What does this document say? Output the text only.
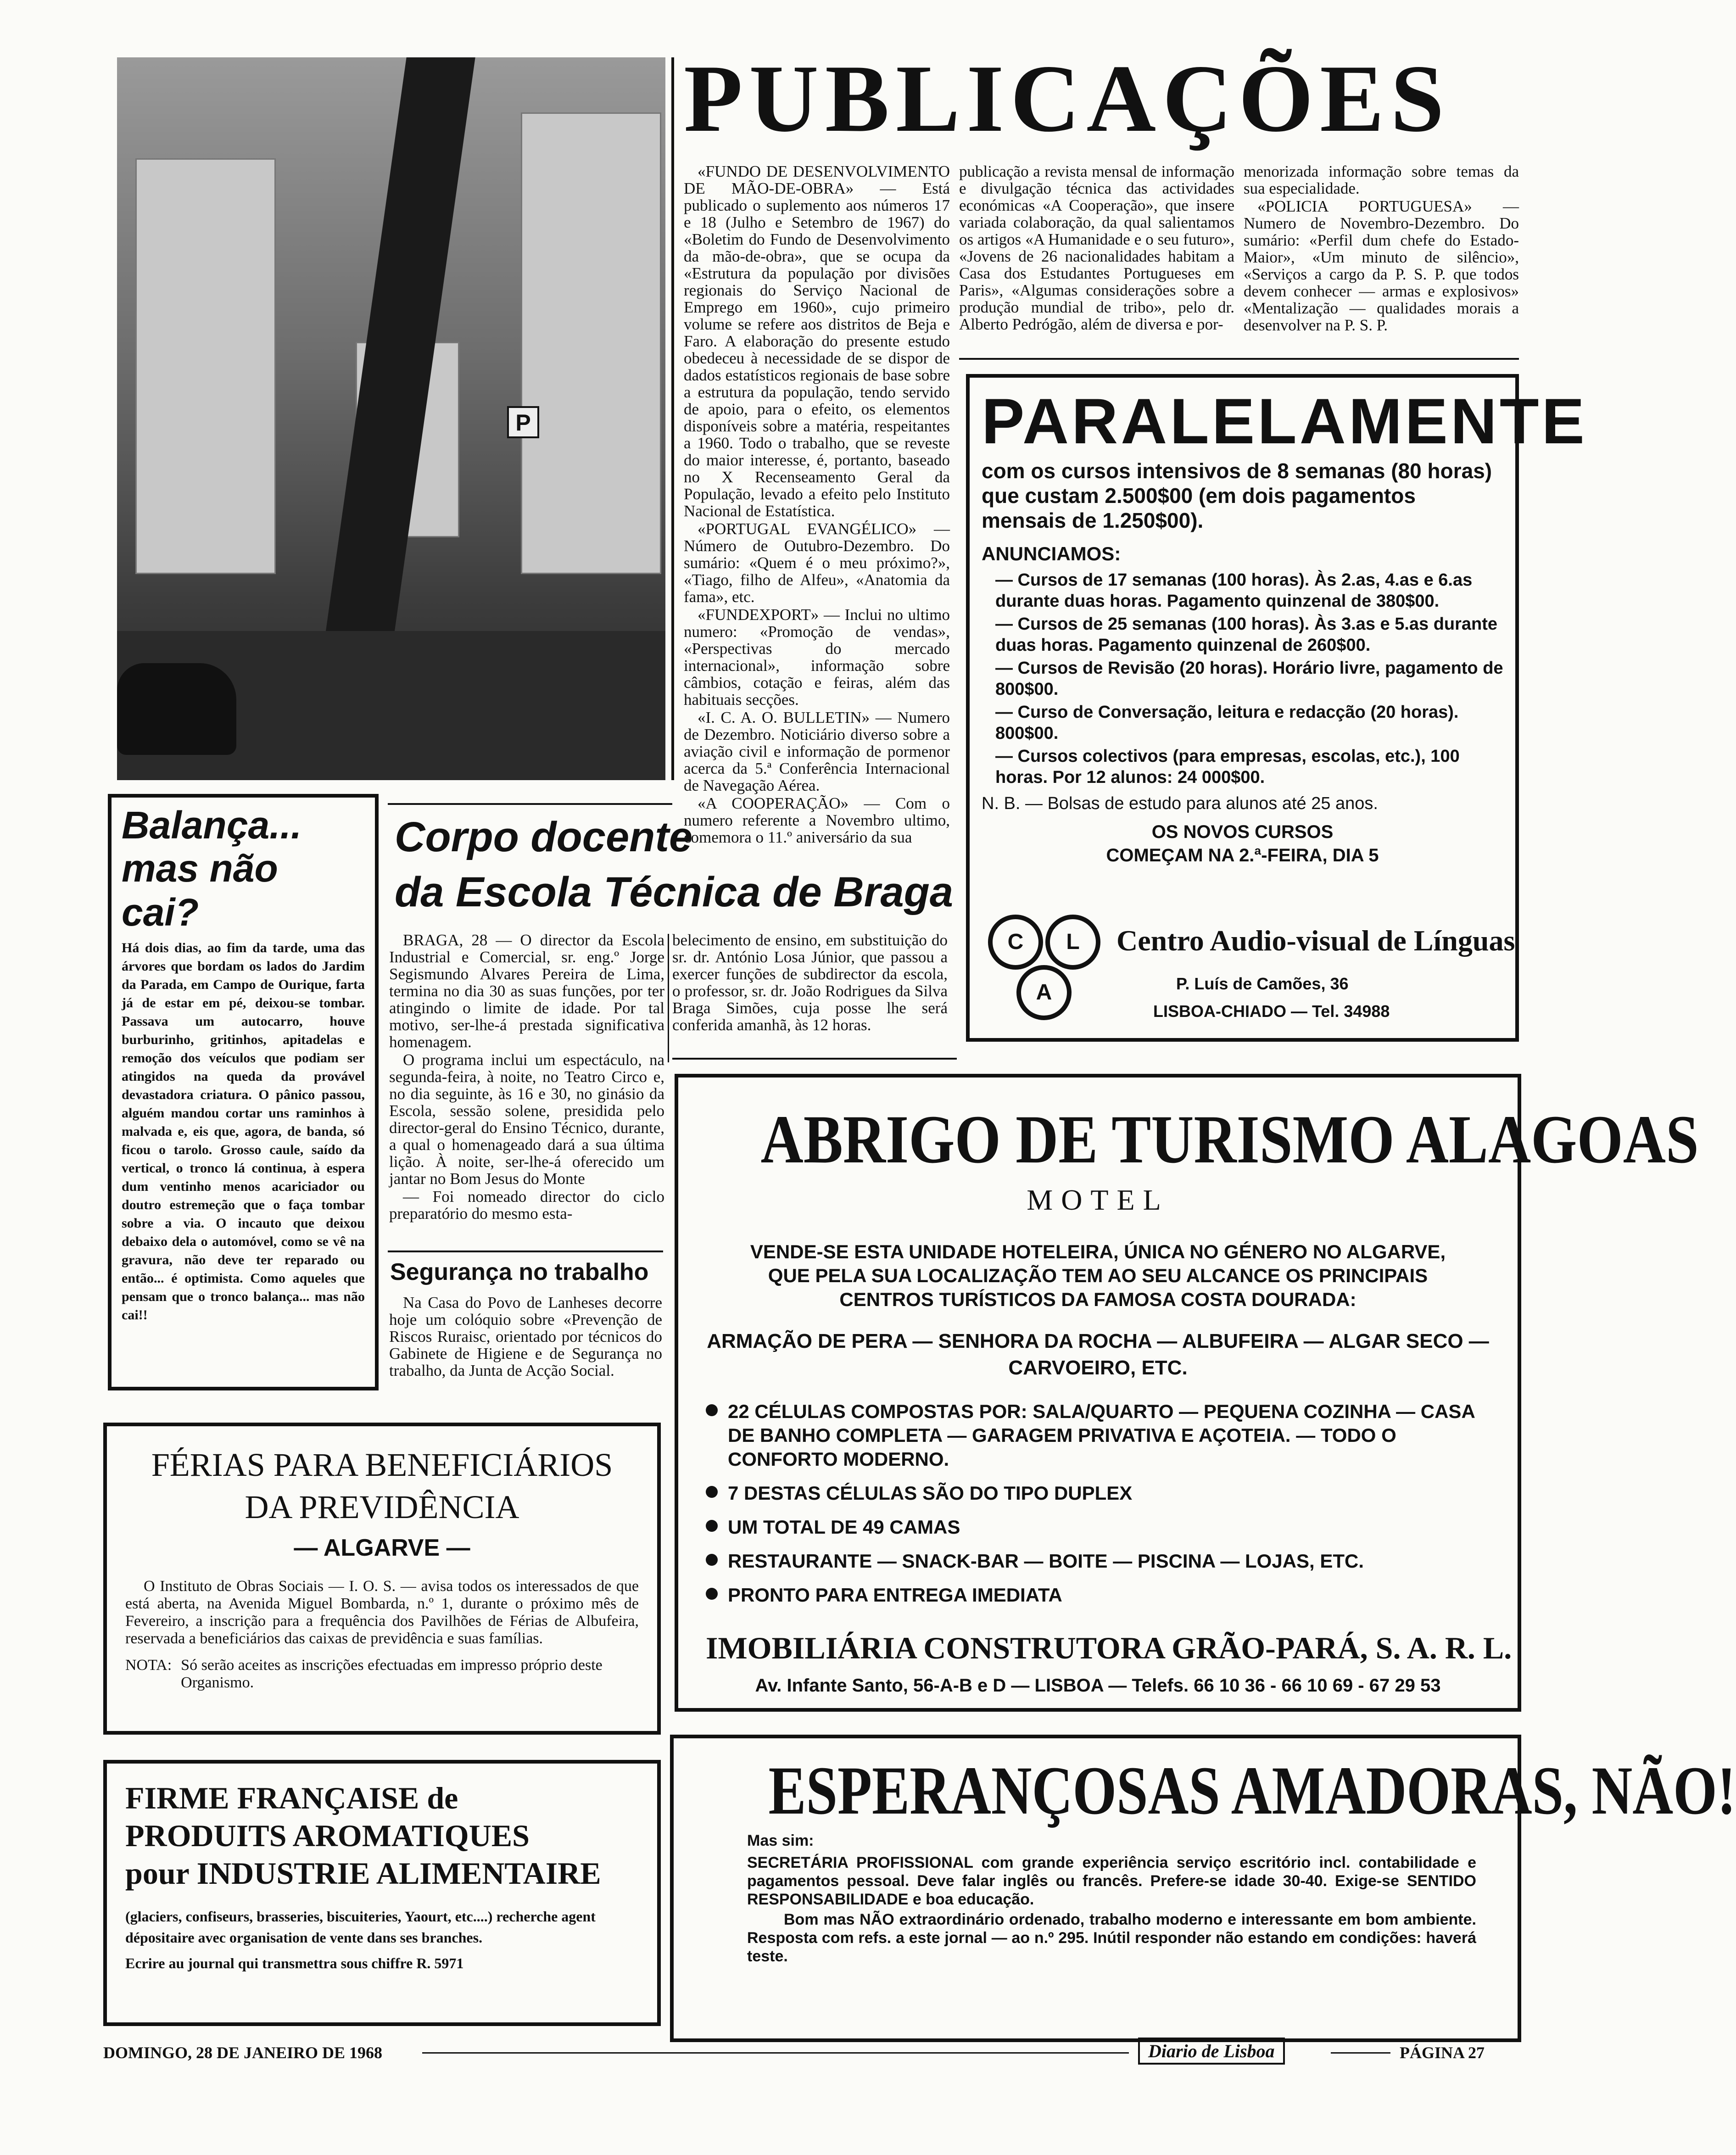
P
PUBLICAÇÕES

«FUNDO DE DESENVOLVIMENTO DE MÃO-DE-OBRA» — Está publicado o suplemento aos números 17 e 18 (Julho e Setembro de 1967) do «Boletim do Fundo de Desenvolvimento da mão-de-obra», que se ocupa da «Estrutura da população por divisões regionais do Serviço Nacional de Emprego em 1960», cujo primeiro volume se refere aos distritos de Beja e Faro. A elaboração do presente estudo obedeceu à necessidade de se dispor de dados estatísticos regionais de base sobre a estrutura da população, tendo servido de apoio, para o efeito, os elementos disponíveis sobre a matéria, respeitantes a 1960. Todo o trabalho, que se reveste do maior interesse, é, portanto, baseado no X Recenseamento Geral da População, levado a efeito pelo Instituto Nacional de Estatística.

«PORTUGAL EVANGÉLICO» — Número de Outubro-Dezembro. Do sumário: «Quem é o meu próximo?», «Tiago, filho de Alfeu», «Anatomia da fama», etc.

«FUNDEXPORT» — Inclui no ultimo numero: «Promoção de vendas», «Perspectivas do mercado internacional», informação sobre câmbios, cotação e feiras, além das habituais secções.

«I. C. A. O. BULLETIN» — Numero de Dezembro. Noticiário diverso sobre a aviação civil e informação de pormenor acerca da 5.ª Conferência Internacional de Navegação Aérea.

«A COOPERAÇÃO» — Com o numero referente a Novembro ultimo, comemora o 11.º aniversário da sua

publicação a revista mensal de informação e divulgação técnica das actividades económicas «A Cooperação», que insere variada colaboração, da qual salientamos os artigos «A Humanidade e o seu futuro», «Jovens de 26 nacionalidades habitam a Casa dos Estudantes Portugueses em Paris», «Algumas considerações sobre a produção mundial de tribo», pelo dr. Alberto Pedrógão, além de diversa e por-

menorizada informação sobre temas da sua especialidade.

«POLICIA PORTUGUESA» — Numero de Novembro-Dezembro. Do sumário: «Perfil dum chefe do Estado-Maior», «Um minuto de silêncio», «Serviços a cargo da P. S. P. que todos devem conhecer — armas e explosivos» «Mentalização — qualidades morais a desenvolver na P. S. P.

PARALELAMENTE
com os cursos intensivos de 8 semanas (80 horas) que custam 2.500$00 (em dois pagamentos mensais de 1.250$00).
ANUNCIAMOS:
— Cursos de 17 semanas (100 horas). Às 2.as, 4.as e 6.as durante duas horas. Pagamento quinzenal de 380$00.
— Cursos de 25 semanas (100 horas). Às 3.as e 5.as durante duas horas. Pagamento quinzenal de 260$00.
— Cursos de Revisão (20 horas). Horário livre, pagamento de 800$00.
— Curso de Conversação, leitura e redacção (20 horas). 800$00.
— Cursos colectivos (para empresas, escolas, etc.), 100 horas. Por 12 alunos: 24 000$00.
N. B. — Bolsas de estudo para alunos até 25 anos.
OS NOVOS CURSOS
COMEÇAM NA 2.ª-FEIRA, DIA 5
C	L
A
Centro Audio-visual de Línguas
P. Luís de Camões, 36
LISBOA-CHIADO — Tel. 34988
Balança...
mas não cai?
Há dois dias, ao fim da tarde, uma das árvores que bordam os lados do Jardim da Parada, em Campo de Ourique, farta já de estar em pé, deixou-se tombar. Passava um autocarro, houve burburinho, gritinhos, apitadelas e remoção dos veículos que podiam ser atingidos na queda da provável devastadora criatura. O pânico passou, alguém mandou cortar uns raminhos à malvada e, eis que, agora, de banda, só ficou o tarolo. Grosso caule, saído da vertical, o tronco lá continua, à espera dum ventinho menos acariciador ou doutro estremeção que o faça tombar sobre a via. O incauto que deixou debaixo dela o automóvel, como se vê na gravura, não deve ter reparado ou então... é optimista. Como aqueles que pensam que o tronco balança... mas não cai!!
Corpo docente
da Escola Técnica de Braga

BRAGA, 28 — O director da Escola Industrial e Comercial, sr. eng.º Jorge Segismundo Alvares Pereira de Lima, termina no dia 30 as suas funções, por ter atingindo o limite de idade. Por tal motivo, ser-lhe-á prestada significativa homenagem.

O programa inclui um espectáculo, na segunda-feira, à noite, no Teatro Circo e, no dia seguinte, às 16 e 30, no ginásio da Escola, sessão solene, presidida pelo director-geral do Ensino Técnico, durante, a qual o homenageado dará a sua última lição. À noite, ser-lhe-á oferecido um jantar no Bom Jesus do Monte

— Foi nomeado director do ciclo preparatório do mesmo esta-

belecimento de ensino, em substituição do sr. dr. António Losa Júnior, que passou a exercer funções de subdirector da escola, o professor, sr. dr. João Rodrigues da Silva Braga Simões, cuja posse lhe será conferida amanhã, às 12 horas.

Segurança no trabalho

Na Casa do Povo de Lanheses decorre hoje um colóquio sobre «Prevenção de Riscos Ruraisc, orientado por técnicos do Gabinete de Higiene e de Segurança no trabalho, da Junta de Acção Social.

FÉRIAS PARA BENEFICIÁRIOS
DA PREVIDÊNCIA
— ALGARVE —
O Instituto de Obras Sociais — I. O. S. — avisa todos os interessados de que está aberta, na Avenida Miguel Bombarda, n.º 1, durante o próximo mês de Fevereiro, a inscrição para a frequência dos Pavilhões de Férias de Albufeira, reservada a beneficiários das caixas de previdência e suas famílias.
NOTA: Só serão aceites as inscrições efectuadas em impresso próprio deste Organismo.
ABRIGO DE TURISMO ALAGOAS
MOTEL
VENDE-SE ESTA UNIDADE HOTELEIRA, ÚNICA NO GÉNERO NO ALGARVE, QUE PELA SUA LOCALIZAÇÃO TEM AO SEU ALCANCE OS PRINCIPAIS CENTROS TURÍSTICOS DA FAMOSA COSTA DOURADA:
ARMAÇÃO DE PERA — SENHORA DA ROCHA — ALBUFEIRA — ALGAR SECO — CARVOEIRO, ETC.
22 CÉLULAS COMPOSTAS POR: SALA/QUARTO — PEQUENA COZINHA — CASA DE BANHO COMPLETA — GARAGEM PRIVATIVA E AÇOTEIA. — TODO O CONFORTO MODERNO.
7 DESTAS CÉLULAS SÃO DO TIPO DUPLEX
UM TOTAL DE 49 CAMAS
RESTAURANTE — SNACK-BAR — BOITE — PISCINA — LOJAS, ETC.
PRONTO PARA ENTREGA IMEDIATA
IMOBILIÁRIA CONSTRUTORA GRÃO-PARÁ, S. A. R. L.
Av. Infante Santo, 56-A-B e D — LISBOA — Telefs. 66 10 36 - 66 10 69 - 67 29 53
FIRME FRANÇAISE de
PRODUITS AROMATIQUES
pour INDUSTRIE ALIMENTAIRE
(glaciers, confiseurs, brasseries, biscuiteries, Yaourt, etc....) recherche agent dépositaire avec organisation de vente dans ses branches.
Ecrire au journal qui transmettra sous chiffre R. 5971
ESPERANÇOSAS AMADORAS, NÃO!
Mas sim:
SECRETÁRIA PROFISSIONAL com grande experiência serviço escritório incl. contabilidade e pagamentos pessoal. Deve falar inglês ou francês. Prefere-se idade 30-40. Exige-se SENTIDO RESPONSABILIDADE e boa educação.
Bom mas NÃO extraordinário ordenado, trabalho moderno e interessante em bom ambiente. Resposta com refs. a este jornal — ao n.º 295. Inútil responder não estando em condições: haverá teste.
DOMINGO, 28 DE JANEIRO DE 1968	Diario de Lisboa	PÁGINA 27
